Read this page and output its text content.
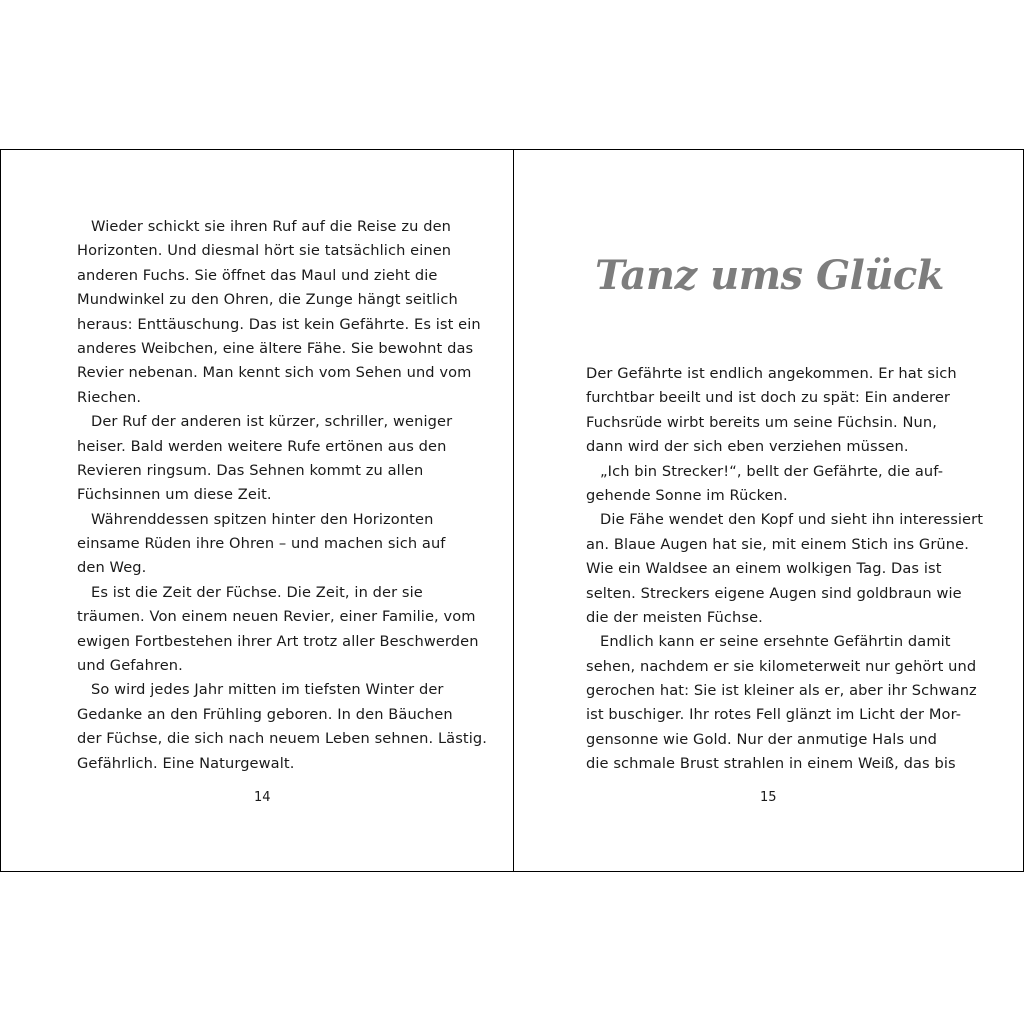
Wieder schickt sie ihren Ruf auf die Reise zu den
Horizonten. Und diesmal hört sie tatsächlich einen
anderen Fuchs. Sie öffnet das Maul und zieht die
Mundwinkel zu den Ohren, die Zunge hängt seitlich
heraus: Enttäuschung. Das ist kein Gefährte. Es ist ein
anderes Weibchen, eine ältere Fähe. Sie bewohnt das
Revier nebenan. Man kennt sich vom Sehen und vom
Riechen.
Der Ruf der anderen ist kürzer, schriller, weniger
heiser. Bald werden weitere Rufe ertönen aus den
Revieren ringsum. Das Sehnen kommt zu allen
Füchsinnen um diese Zeit.
Währenddessen spitzen hinter den Horizonten
einsame Rüden ihre Ohren – und machen sich auf
den Weg.
Es ist die Zeit der Füchse. Die Zeit, in der sie
träumen. Von einem neuen Revier, einer Familie, vom
ewigen Fortbestehen ihrer Art trotz aller Beschwerden
und Gefahren.
So wird jedes Jahr mitten im tiefsten Winter der
Gedanke an den Frühling geboren. In den Bäuchen
der Füchse, die sich nach neuem Leben sehnen. Lästig.
Gefährlich. Eine Naturgewalt.
14
Tanz ums Glück
Der Gefährte ist endlich angekommen. Er hat sich
furchtbar beeilt und ist doch zu spät: Ein anderer
Fuchsrüde wirbt bereits um seine Füchsin. Nun,
dann wird der sich eben verziehen müssen.
„Ich bin Strecker!“, bellt der Gefährte, die auf-
gehende Sonne im Rücken.
Die Fähe wendet den Kopf und sieht ihn interessiert
an. Blaue Augen hat sie, mit einem Stich ins Grüne.
Wie ein Waldsee an einem wolkigen Tag. Das ist
selten. Streckers eigene Augen sind goldbraun wie
die der meisten Füchse.
Endlich kann er seine ersehnte Gefährtin damit
sehen, nachdem er sie kilometerweit nur gehört und
gerochen hat: Sie ist kleiner als er, aber ihr Schwanz
ist buschiger. Ihr rotes Fell glänzt im Licht der Mor-
gensonne wie Gold. Nur der anmutige Hals und
die schmale Brust strahlen in einem Weiß, das bis
15
